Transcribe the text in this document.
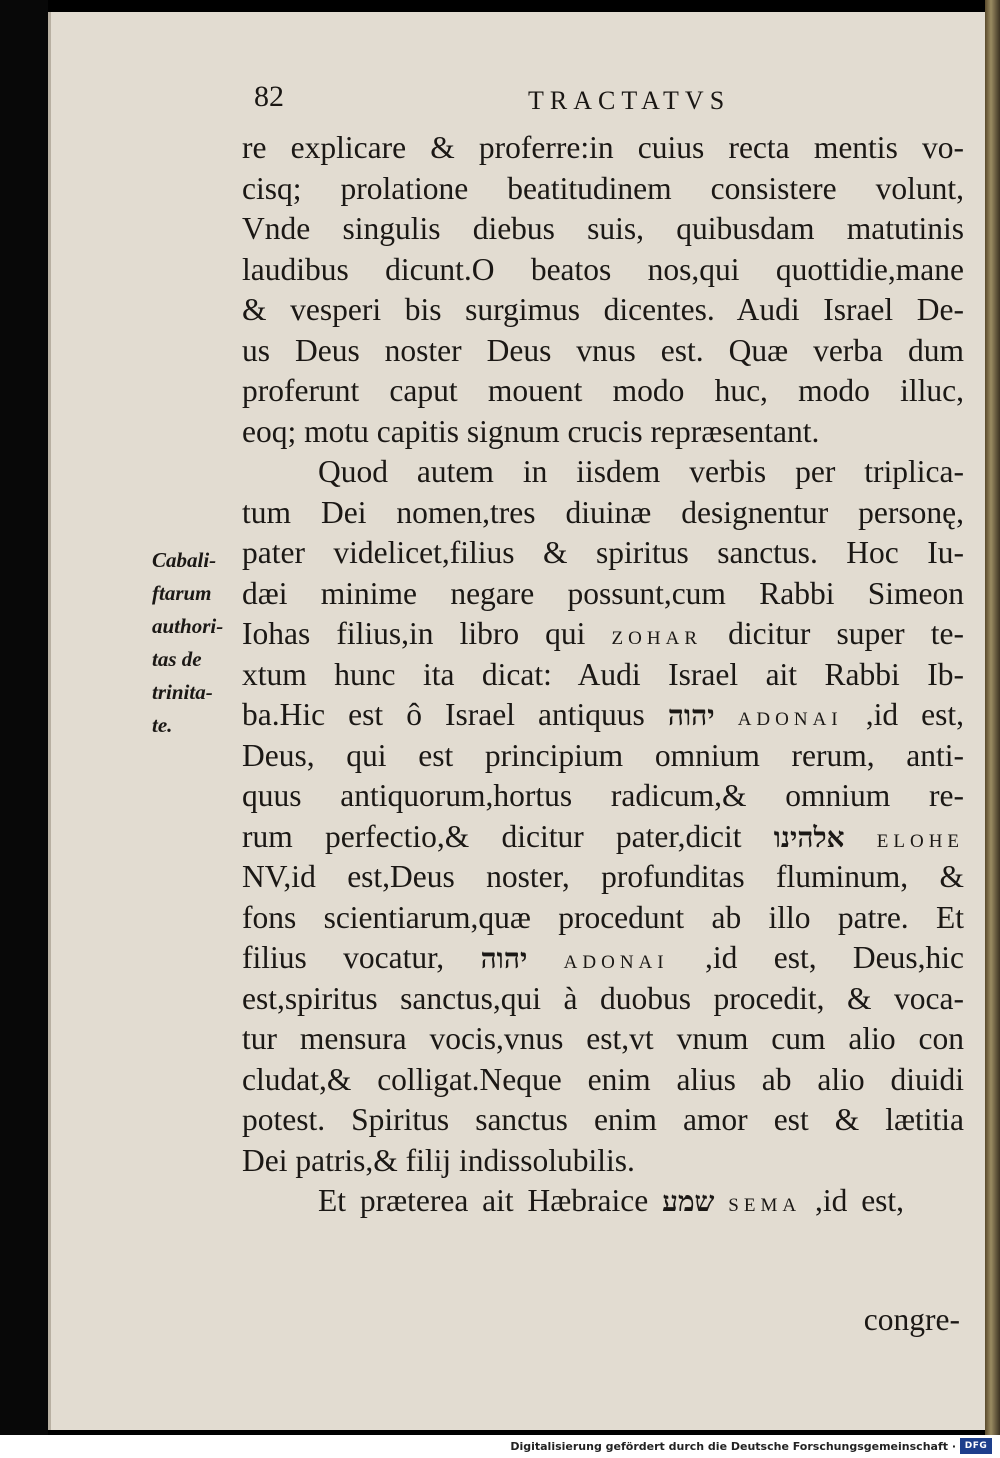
82	TRACTATVS
Cabali-
ftarum
authori-
tas de
trinita-
te.
re explicare & proferre:in cuius recta mentis vo-
cisq; prolatione beatitudinem consistere volunt,
Vnde singulis diebus suis, quibusdam matutinis
laudibus dicunt.O beatos nos,qui quottidie,mane
& vesperi bis surgimus dicentes. Audi Israel De-
us Deus noster Deus vnus est. Quæ verba dum
proferunt caput mouent modo huc, modo illuc,
eoq; motu capitis signum crucis repræsentant.
Quod autem in iisdem verbis per triplica-
tum Dei nomen,tres diuinæ designentur personę,
pater videlicet,filius & spiritus sanctus. Hoc Iu-
dæi minime negare possunt,cum Rabbi Simeon
Iohas filius,in libro qui ZOHAR dicitur super te-
xtum hunc ita dicat: Audi Israel ait Rabbi Ib-
ba.Hic est ô Israel antiquus יהוה ADONAI ,id est,
Deus, qui est principium omnium rerum, anti-
quus antiquorum,hortus radicum,& omnium re-
rum perfectio,& dicitur pater,dicit אלהינו ELOHE
NV,id est,Deus noster, profunditas fluminum, &
fons scientiarum,quæ procedunt ab illo patre. Et
filius vocatur, יהוה ADONAI ,id est, Deus,hic
est,spiritus sanctus,qui à duobus procedit, & voca-
tur mensura vocis,vnus est,vt vnum cum alio con
cludat,& colligat.Neque enim alius ab alio diuidi
potest. Spiritus sanctus enim amor est & lætitia
Dei patris,& filij indissolubilis.
Et præterea ait Hæbraice שמע SEMA ,id est,
congre-
Digitalisierung gefördert durch die Deutsche Forschungsgemeinschaft · DFG
